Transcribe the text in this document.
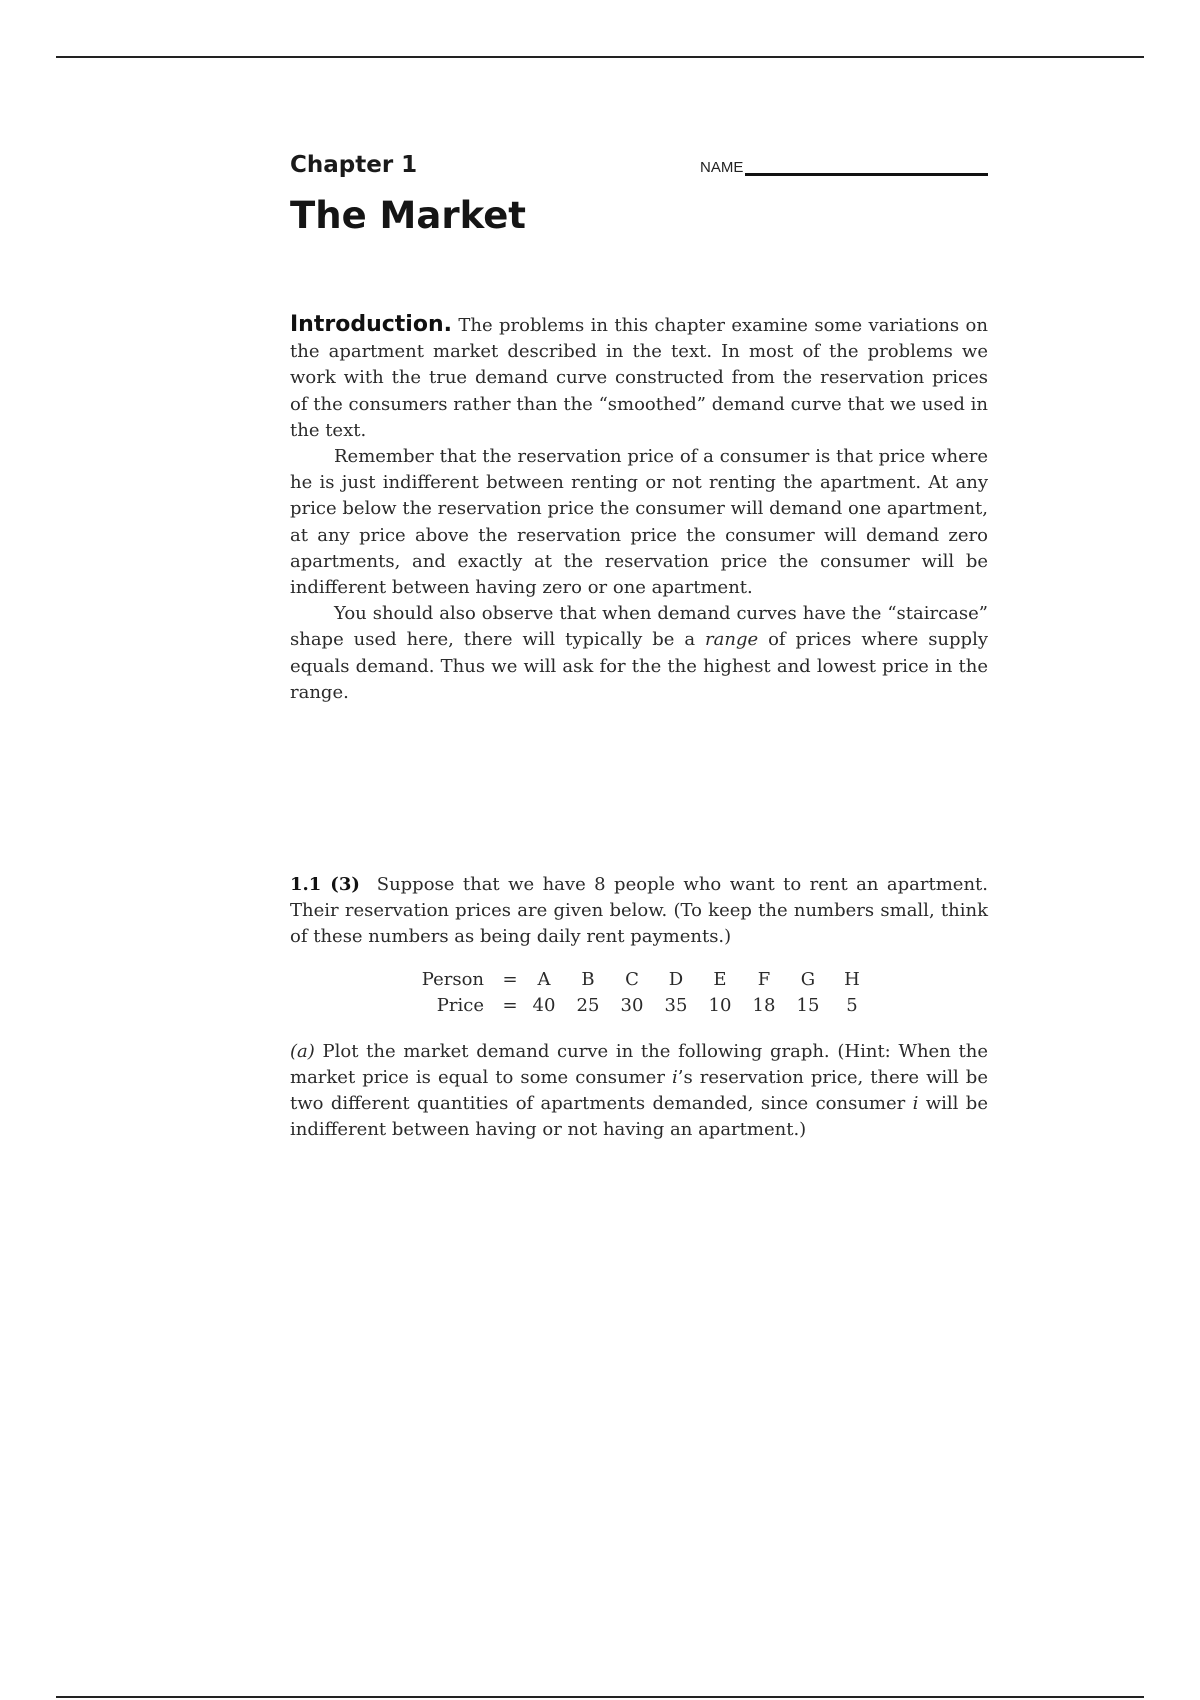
Chapter 1	NAME
The Market

Introduction. The problems in this chapter examine some variations on the apartment market described in the text. In most of the problems we work with the true demand curve constructed from the reservation prices of the consumers rather than the “smoothed” demand curve that we used in the text.

Remember that the reservation price of a consumer is that price where he is just indifferent between renting or not renting the apartment. At any price below the reservation price the consumer will demand one apartment, at any price above the reservation price the consumer will demand zero apartments, and exactly at the reservation price the consumer will be indifferent between having zero or one apartment.

You should also observe that when demand curves have the “staircase” shape used here, there will typically be a range of prices where supply equals demand. Thus we will ask for the the highest and lowest price in the range.

1.1 (3) Suppose that we have 8 people who want to rent an apartment. Their reservation prices are given below. (To keep the numbers small, think of these numbers as being daily rent payments.)

Person	=	A	B	C	D	E	F	G	H
Price	=	40	25	30	35	10	18	15	5

(a) Plot the market demand curve in the following graph. (Hint: When the market price is equal to some consumer i’s reservation price, there will be two different quantities of apartments demanded, since consumer i will be indifferent between having or not having an apartment.)
